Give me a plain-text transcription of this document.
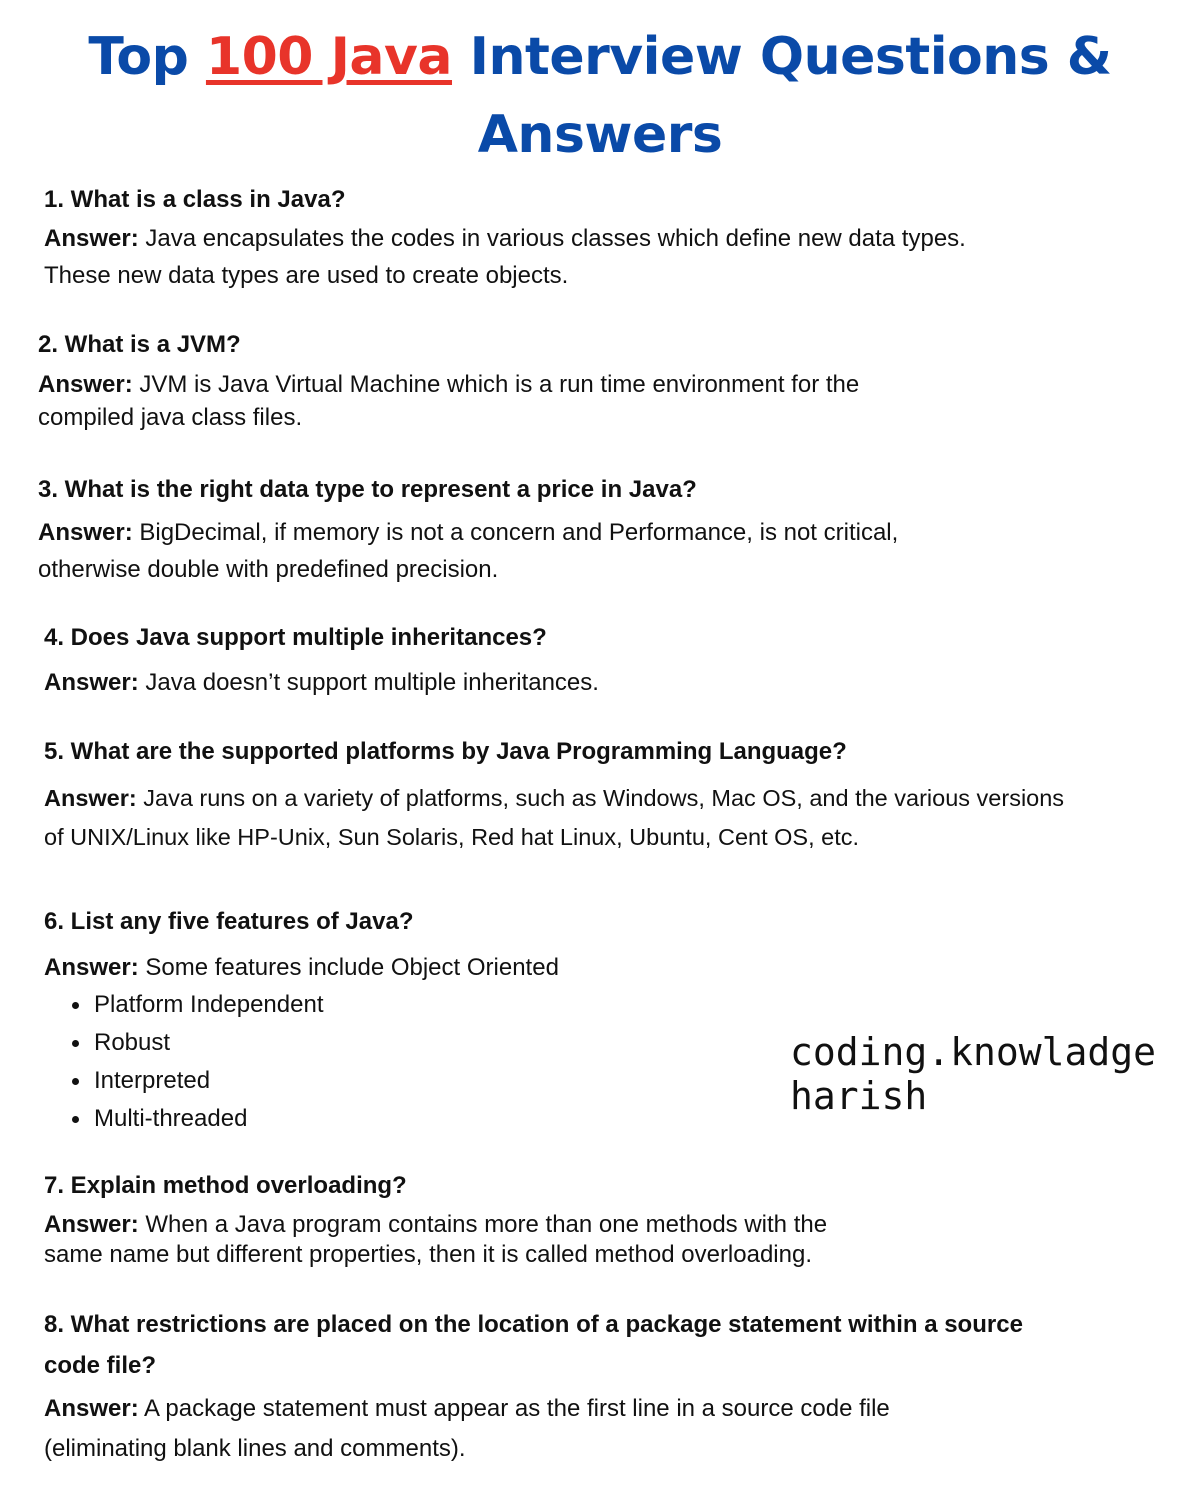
Top 100 Java Interview Questions &
Answers
1. What is a class in Java?
Answer: Java encapsulates the codes in various classes which define new data types.
These new data types are used to create objects.
2. What is a JVM?
Answer: JVM is Java Virtual Machine which is a run time environment for the
compiled java class files.
3. What is the right data type to represent a price in Java?
Answer: BigDecimal, if memory is not a concern and Performance, is not critical,
otherwise double with predefined precision.
4. Does Java support multiple inheritances?
Answer: Java doesn’t support multiple inheritances.
5. What are the supported platforms by Java Programming Language?
Answer: Java runs on a variety of platforms, such as Windows, Mac OS, and the various versions
of UNIX/Linux like HP-Unix, Sun Solaris, Red hat Linux, Ubuntu, Cent OS, etc.
6. List any five features of Java?
Answer: Some features include Object Oriented
Platform Independent
Robust
Interpreted
Multi-threaded
coding.knowladge
harish
7. Explain method overloading?
Answer: When a Java program contains more than one methods with the
same name but different properties, then it is called method overloading.
8. What restrictions are placed on the location of a package statement within a source
code file?
Answer: A package statement must appear as the first line in a source code file
(eliminating blank lines and comments).
